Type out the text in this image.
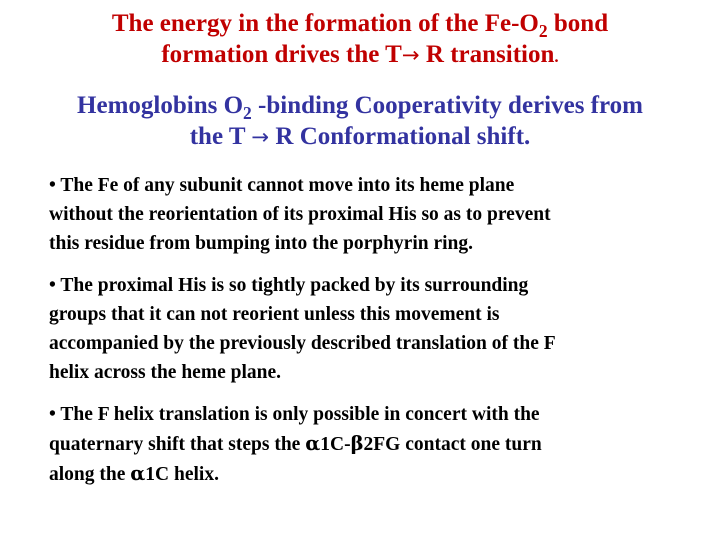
The energy in the formation of the $Fe-O_2$ bond
formation drives the T→ R transition.
Hemoglobins $O_2$ -binding Cooperativity derives from
the T → R Conformational shift.
• The Fe of any subunit cannot move into its heme plane
without the reorientation of its proximal His so as to prevent
this residue from bumping into the porphyrin ring.
• The proximal His is so tightly packed by its surrounding
groups that it can not reorient unless this movement is
accompanied by the previously described translation of the F
helix across the heme plane.
• The F helix translation is only possible in concert with the
quaternary shift that steps the α1C-β2FG contact one turn
along the α1C helix.
